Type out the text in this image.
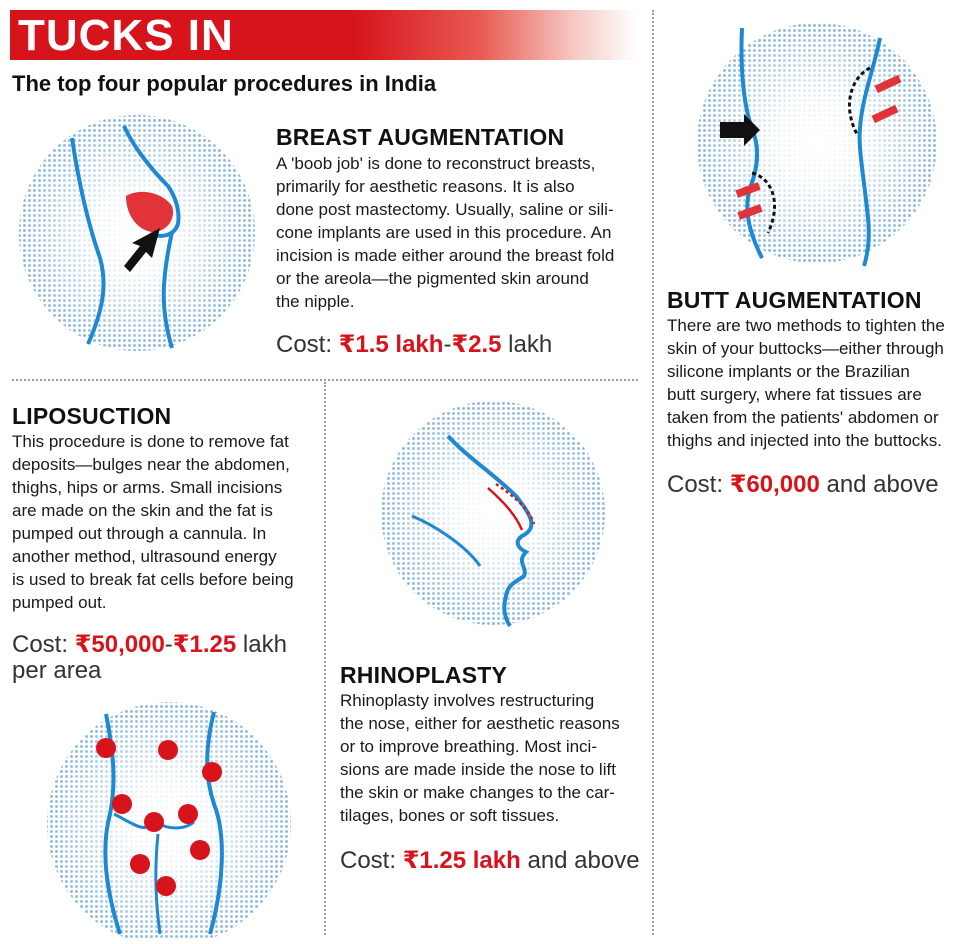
TUCKS IN
The top four popular procedures in India
BREAST AUGMENTATION
A 'boob job' is done to reconstruct breasts,
primarily for aesthetic reasons. It is also
done post mastectomy. Usually, saline or sili-
cone implants are used in this procedure. An
incision is made either around the breast fold
or the areola—the pigmented skin around
the nipple.
Cost: ₹1.5 lakh-₹2.5 lakh
BUTT AUGMENTATION
There are two methods to tighten the
skin of your buttocks—either through
silicone implants or the Brazilian
butt surgery, where fat tissues are
taken from the patients' abdomen or
thighs and injected into the buttocks.
Cost: ₹60,000 and above
LIPOSUCTION
This procedure is done to remove fat
deposits—bulges near the abdomen,
thighs, hips or arms. Small incisions
are made on the skin and the fat is
pumped out through a cannula. In
another method, ultrasound energy
is used to break fat cells before being
pumped out.
Cost: ₹50,000-₹1.25 lakh
per area	RHINOPLASTY
Rhinoplasty involves restructuring
the nose, either for aesthetic reasons
or to improve breathing. Most inci-
sions are made inside the nose to lift
the skin or make changes to the car-
tilages, bones or soft tissues.
Cost: ₹1.25 lakh and above
